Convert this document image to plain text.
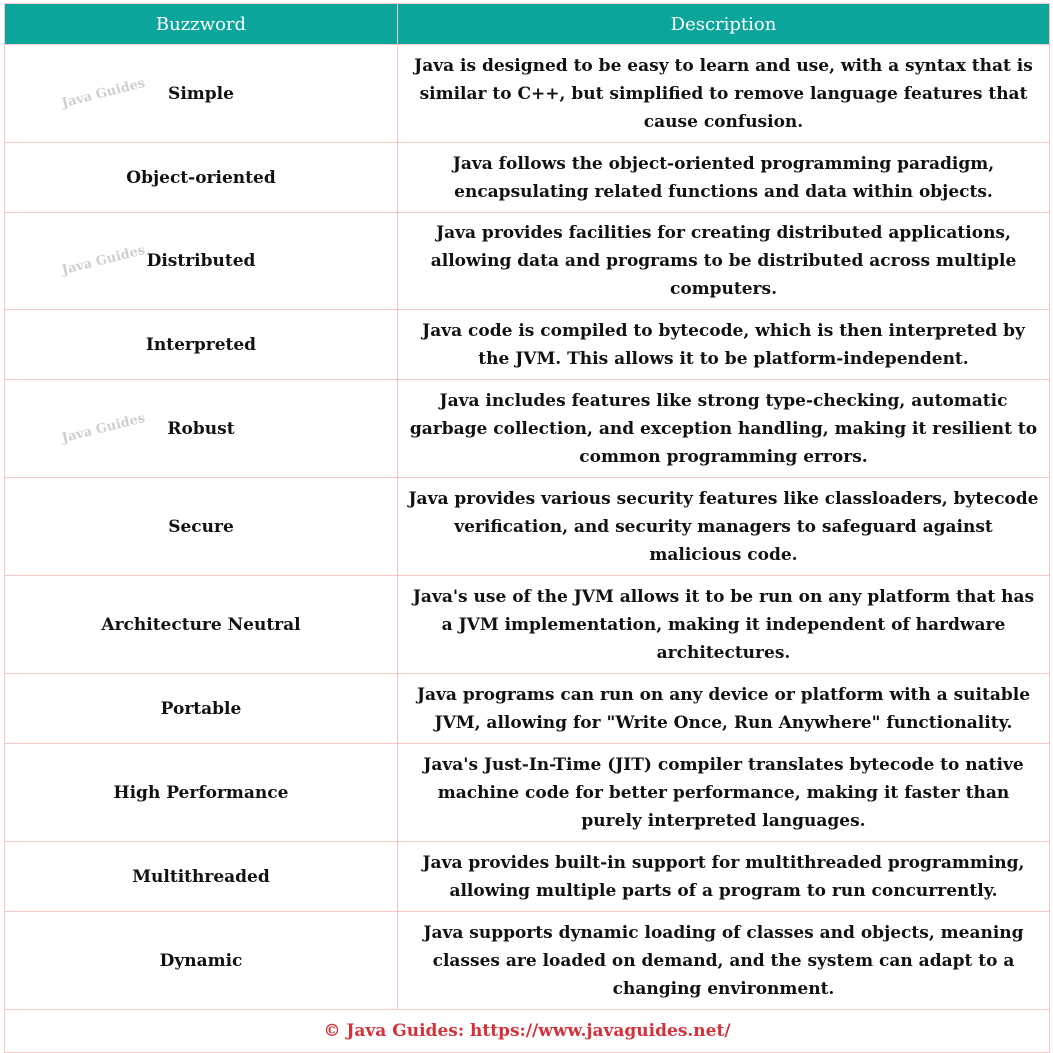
Buzzword	Description

Java Guides Simple	Java is designed to be easy to learn and use, with a syntax that is similar to C++, but simplified to remove language features that cause confusion.
Object-oriented	Java follows the object-oriented programming paradigm, encapsulating related functions and data within objects.

Java Guides Distributed	Java provides facilities for creating distributed applications, allowing data and programs to be distributed across multiple computers.
Interpreted	Java code is compiled to bytecode, which is then interpreted by the JVM. This allows it to be platform-independent.

Java Guides Robust	Java includes features like strong type-checking, automatic garbage collection, and exception handling, making it resilient to common programming errors.
Secure	Java provides various security features like classloaders, bytecode verification, and security managers to safeguard against malicious code.
Architecture Neutral	Java's use of the JVM allows it to be run on any platform that has a JVM implementation, making it independent of hardware architectures.
Portable	Java programs can run on any device or platform with a suitable JVM, allowing for "Write Once, Run Anywhere" functionality.
High Performance	Java's Just-In-Time (JIT) compiler translates bytecode to native machine code for better performance, making it faster than purely interpreted languages.
Multithreaded	Java provides built-in support for multithreaded programming, allowing multiple parts of a program to run concurrently.
Dynamic	Java supports dynamic loading of classes and objects, meaning classes are loaded on demand, and the system can adapt to a changing environment.
© Java Guides: https://www.javaguides.net/	
